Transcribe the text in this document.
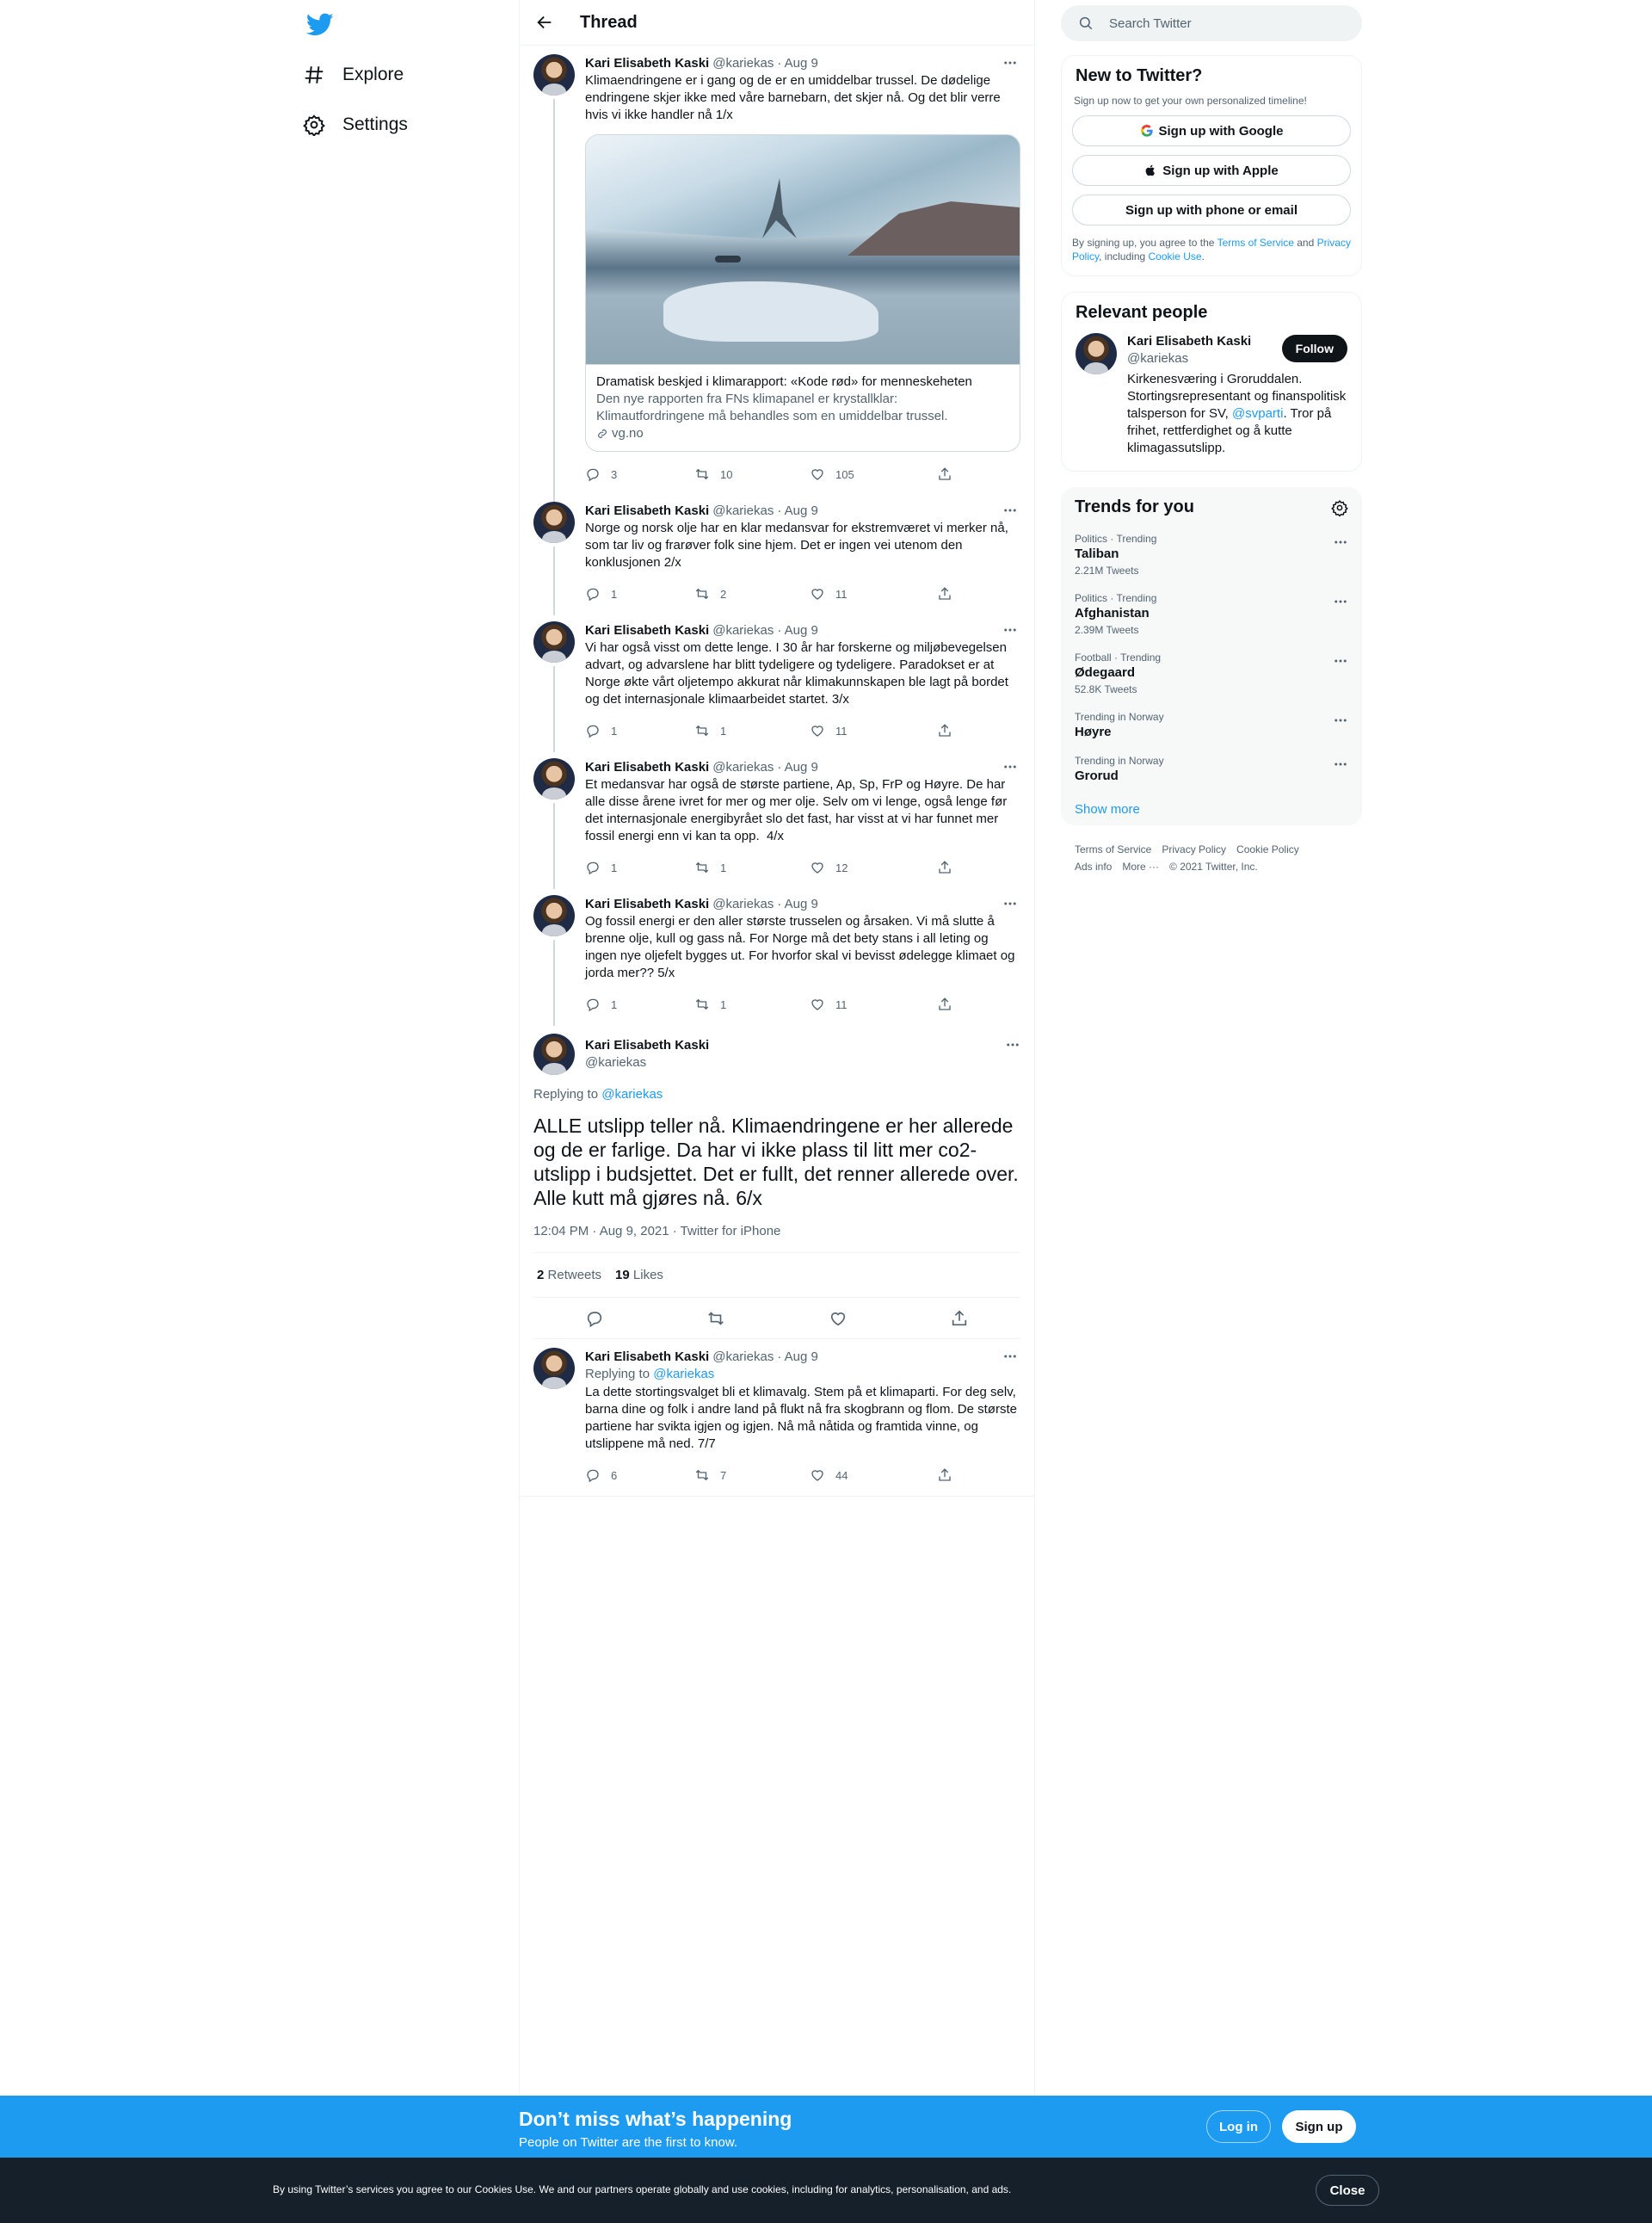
Explore
Settings
Thread
Kari Elisabeth Kaski @kariekas · Aug 9
Klimaendringene er i gang og de er en umiddelbar trussel. De dødelige endringene skjer ikke med våre barnebarn, det skjer nå. Og det blir verre hvis vi ikke handler nå 1/x
Dramatisk beskjed i klimarapport: «Kode rød» for menneskeheten
Den nye rapporten fra FNs klimapanel er krystallklar: Klimautfordringene må behandles som en umiddelbar trussel.
vg.no
3	10	105
Kari Elisabeth Kaski @kariekas · Aug 9
Norge og norsk olje har en klar medansvar for ekstremværet vi merker nå, som tar liv og frarøver folk sine hjem. Det er ingen vei utenom den konklusjonen 2/x
1	2	11
Kari Elisabeth Kaski @kariekas · Aug 9
Vi har også visst om dette lenge. I 30 år har forskerne og miljøbevegelsen advart, og advarslene har blitt tydeligere og tydeligere. Paradokset er at Norge økte vårt oljetempo akkurat når klimakunnskapen ble lagt på bordet og det internasjonale klimaarbeidet startet. 3/x
1	1	11
Kari Elisabeth Kaski @kariekas · Aug 9
Et medansvar har også de største partiene, Ap, Sp, FrP og Høyre. De har alle disse årene ivret for mer og mer olje. Selv om vi lenge, også lenge før det internasjonale energibyrået slo det fast, har visst at vi har funnet mer fossil energi enn vi kan ta opp.  4/x
1	1	12
Kari Elisabeth Kaski @kariekas · Aug 9
Og fossil energi er den aller største trusselen og årsaken. Vi må slutte å brenne olje, kull og gass nå. For Norge må det bety stans i all leting og ingen nye oljefelt bygges ut. For hvorfor skal vi bevisst ødelegge klimaet og jorda mer?? 5/x
1	1	11
Kari Elisabeth Kaski
@kariekas
Replying to @kariekas
ALLE utslipp teller nå. Klimaendringene er her allerede og de er farlige. Da har vi ikke plass til litt mer co2-utslipp i budsjettet. Det er fullt, det renner allerede over. Alle kutt må gjøres nå. 6/x
12:04 PM · Aug 9, 2021 · Twitter for iPhone
2 Retweets 19 Likes
Kari Elisabeth Kaski @kariekas · Aug 9
Replying to @kariekas
La dette stortingsvalget bli et klimavalg. Stem på et klimaparti. For deg selv, barna dine og folk i andre land på flukt nå fra skogbrann og flom. De største partiene har svikta igjen og igjen. Nå må nåtida og framtida vinne, og utslippene må ned. 7/7
6	7	44
Search Twitter
New to Twitter?
Sign up now to get your own personalized timeline!
Sign up with Google
Sign up with Apple
Sign up with phone or email
By signing up, you agree to the Terms of Service and Privacy Policy, including Cookie Use.
Relevant people
Kari Elisabeth Kaski
@kariekas
Kirkenesværing i Groruddalen. Stortingsrepresentant og finanspolitisk talsperson for SV, @svparti. Tror på frihet, rettferdighet og å kutte klimagassutslipp.
Follow
Trends for you
Politics · Trending
Taliban
2.21M Tweets
Politics · Trending
Afghanistan
2.39M Tweets
Football · Trending
Ødegaard
52.8K Tweets
Trending in Norway
Høyre
Trending in Norway
Grorud
Show more
Terms of Service Privacy Policy Cookie Policy
Ads info More ··· © 2021 Twitter, Inc.
Don’t miss what’s happening
People on Twitter are the first to know.
Log in	Sign up
By using Twitter’s services you agree to our Cookies Use. We and our partners operate globally and use cookies, including for analytics, personalisation, and ads.	Close
